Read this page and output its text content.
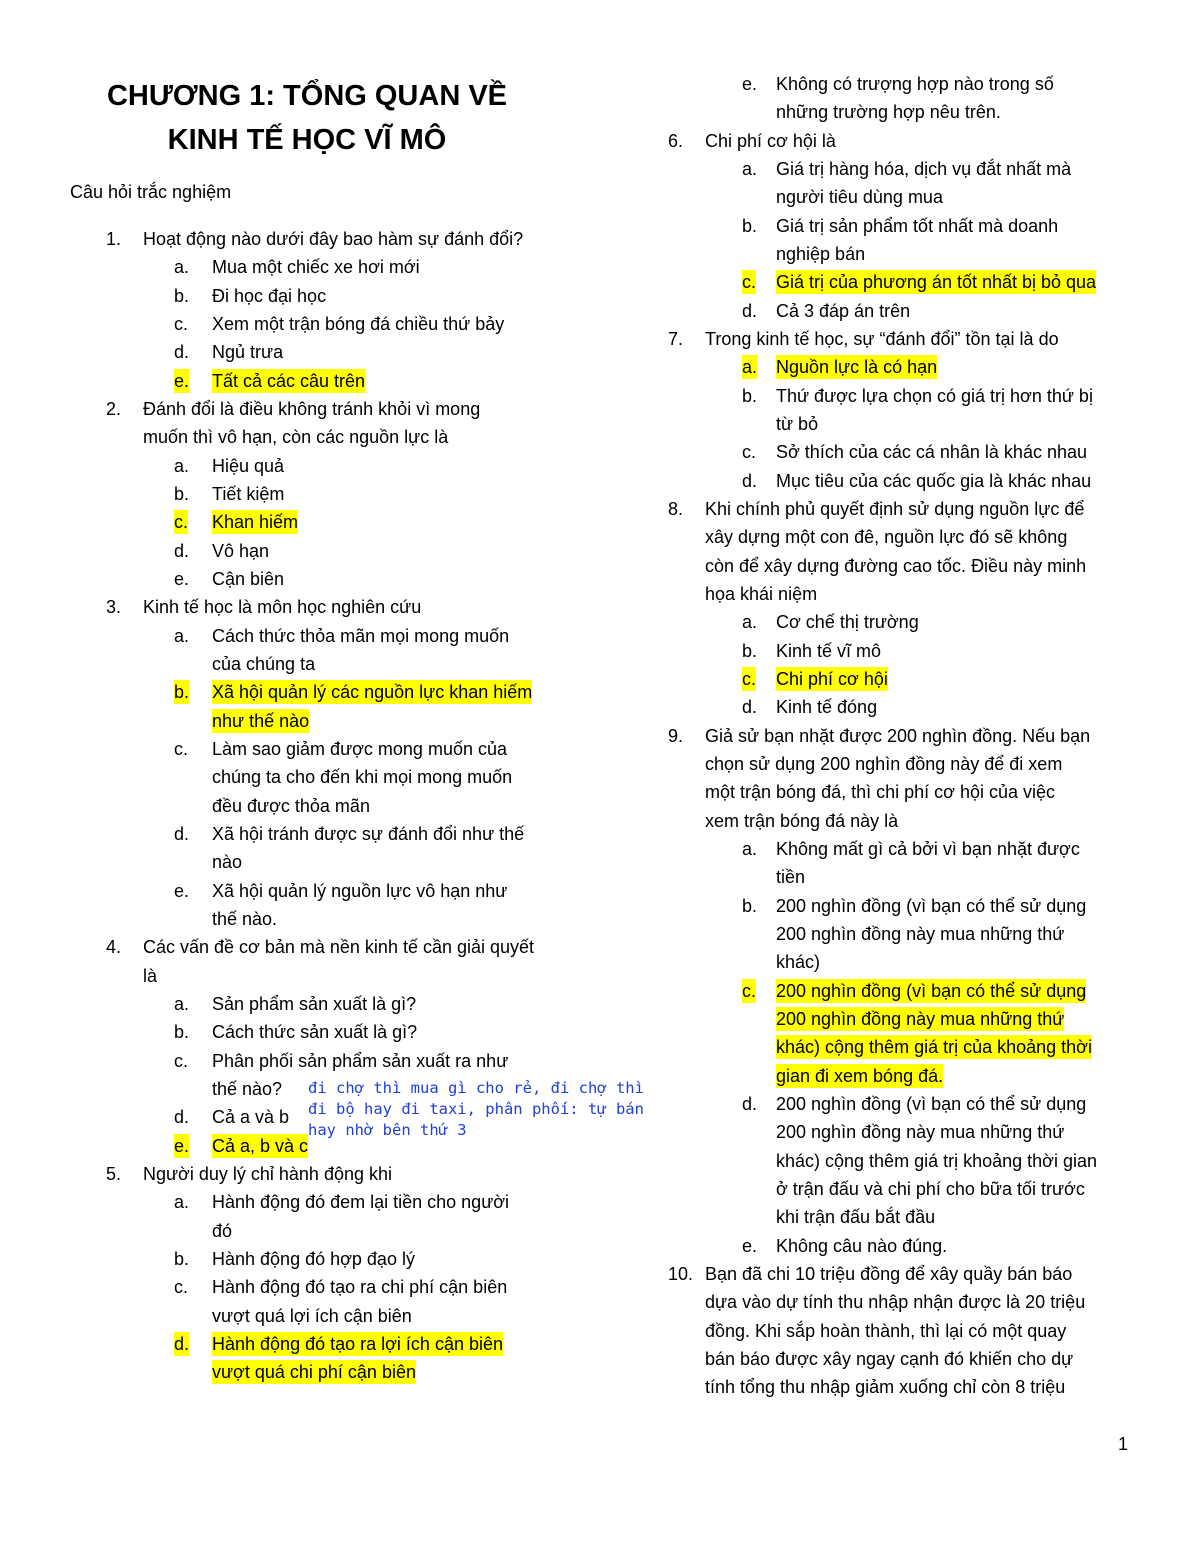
CHƯƠNG 1: TỔNG QUAN VỀ
KINH TẾ HỌC VĨ MÔ
Câu hỏi trắc nghiệm
1. Hoạt động nào dưới đây bao hàm sự đánh đổi?
a. Mua một chiếc xe hơi mới
b. Đi học đại học
c. Xem một trận bóng đá chiều thứ bảy
d. Ngủ trưa
e. Tất cả các câu trên
2. Đánh đổi là điều không tránh khỏi vì mong
muốn thì vô hạn, còn các nguồn lực là
a. Hiệu quả
b. Tiết kiệm
c. Khan hiếm
d. Vô hạn
e. Cận biên
3. Kinh tế học là môn học nghiên cứu
a. Cách thức thỏa mãn mọi mong muốn
của chúng ta
b. Xã hội quản lý các nguồn lực khan hiếm
như thế nào
c. Làm sao giảm được mong muốn của
chúng ta cho đến khi mọi mong muốn
đều được thỏa mãn
d. Xã hội tránh được sự đánh đổi như thế
nào
e. Xã hội quản lý nguồn lực vô hạn như
thế nào.
4. Các vấn đề cơ bản mà nền kinh tế cần giải quyết
là
a. Sản phẩm sản xuất là gì?
b. Cách thức sản xuất là gì?
c. Phân phối sản phẩm sản xuất ra như
thế nào?
d. Cả a và b
e. Cả a, b và c
5. Người duy lý chỉ hành động khi
a. Hành động đó đem lại tiền cho người
đó
b. Hành động đó hợp đạo lý
c. Hành động đó tạo ra chi phí cận biên
vượt quá lợi ích cận biên
d. Hành động đó tạo ra lợi ích cận biên
vượt quá chi phí cận biên
e. Không có trượng hợp nào trong số
những trường hợp nêu trên.
6. Chi phí cơ hội là
a. Giá trị hàng hóa, dịch vụ đắt nhất mà
người tiêu dùng mua
b. Giá trị sản phẩm tốt nhất mà doanh
nghiệp bán
c. Giá trị của phương án tốt nhất bị bỏ qua
d. Cả 3 đáp án trên
7. Trong kinh tế học, sự “đánh đổi” tồn tại là do
a. Nguồn lực là có hạn
b. Thứ được lựa chọn có giá trị hơn thứ bị
từ bỏ
c. Sở thích của các cá nhân là khác nhau
d. Mục tiêu của các quốc gia là khác nhau
8. Khi chính phủ quyết định sử dụng nguồn lực để
xây dựng một con đê, nguồn lực đó sẽ không
còn để xây dựng đường cao tốc. Điều này minh
họa khái niệm
a. Cơ chế thị trường
b. Kinh tế vĩ mô
c. Chi phí cơ hội
d. Kinh tế đóng
9. Giả sử bạn nhặt được 200 nghìn đồng. Nếu bạn
chọn sử dụng 200 nghìn đồng này để đi xem
một trận bóng đá, thì chi phí cơ hội của việc
xem trận bóng đá này là
a. Không mất gì cả bởi vì bạn nhặt được
tiền
b. 200 nghìn đồng (vì bạn có thể sử dụng
200 nghìn đồng này mua những thứ
khác)
c. 200 nghìn đồng (vì bạn có thể sử dụng
200 nghìn đồng này mua những thứ
khác) cộng thêm giá trị của khoảng thời
gian đi xem bóng đá.
d. 200 nghìn đồng (vì bạn có thể sử dụng
200 nghìn đồng này mua những thứ
khác) cộng thêm giá trị khoảng thời gian
ở trận đấu và chi phí cho bữa tối trước
khi trận đấu bắt đầu
e. Không câu nào đúng.
10. Bạn đã chi 10 triệu đồng để xây quầy bán báo
dựa vào dự tính thu nhập nhận được là 20 triệu
đồng. Khi sắp hoàn thành, thì lại có một quay
bán báo được xây ngay cạnh đó khiến cho dự
tính tổng thu nhập giảm xuống chỉ còn 8 triệu
đi chợ thì mua gì cho rẻ, đi chợ thì
đi bộ hay đi taxi, phân phối: tự bán
hay nhờ bên thứ 3
1
